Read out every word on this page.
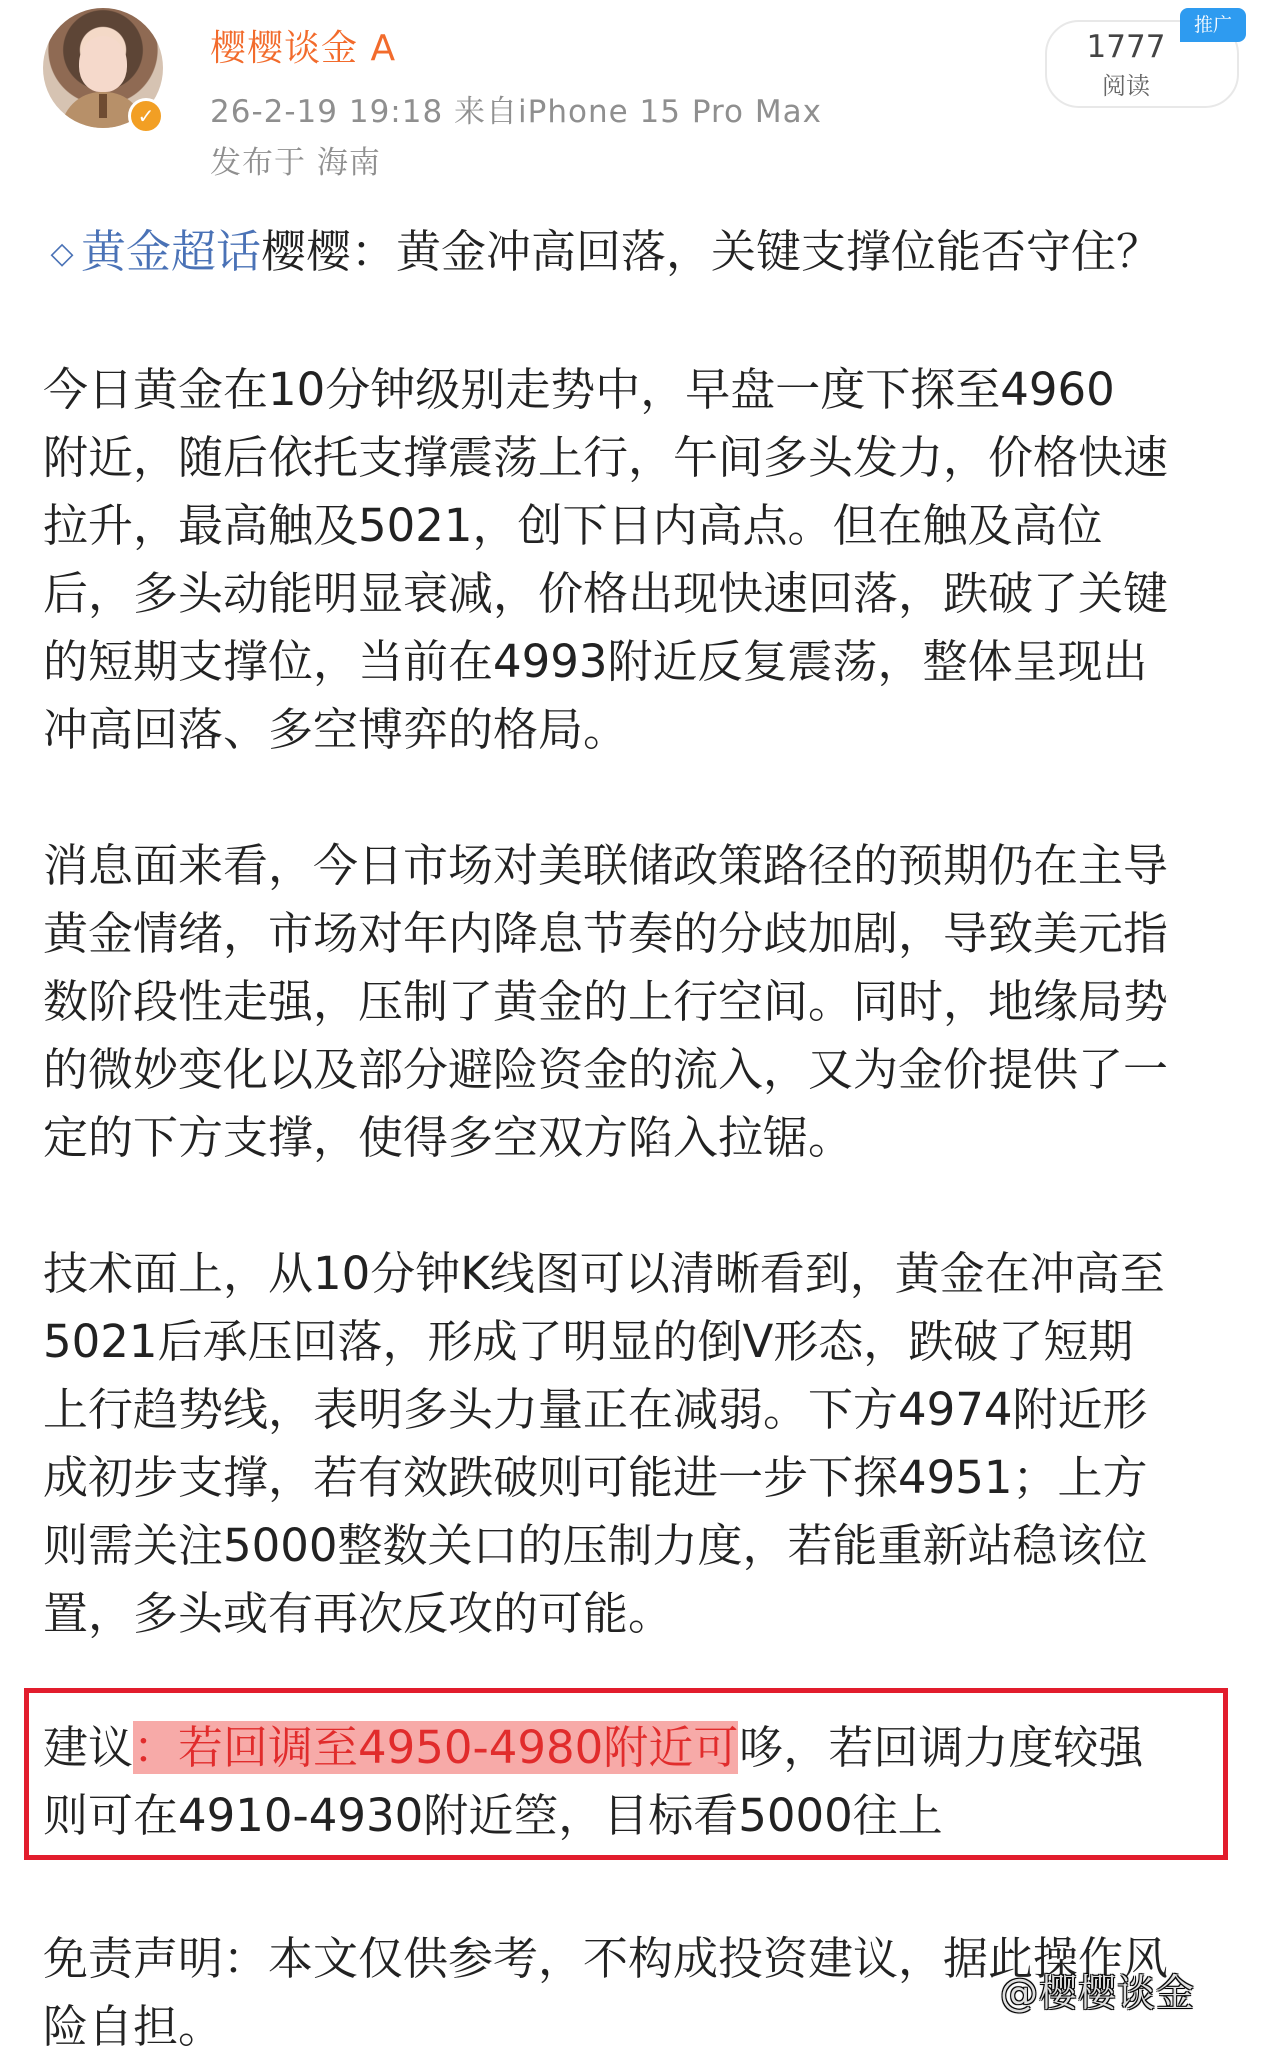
✓
樱樱谈金 A
26-2-19 19:18 来自iPhone 15 Pro Max
发布于 海南
1777
阅读
推广
◇ 黄金超话樱樱：黄金冲高回落，关键支撑位能否守住？
今日黄金在10分钟级别走势中，早盘一度下探至4960
附近，随后依托支撑震荡上行，午间多头发力，价格快速
拉升，最高触及5021，创下日内高点。但在触及高位
后，多头动能明显衰减，价格出现快速回落，跌破了关键
的短期支撑位，当前在4993附近反复震荡，整体呈现出
冲高回落、多空博弈的格局。
消息面来看，今日市场对美联储政策路径的预期仍在主导
黄金情绪，市场对年内降息节奏的分歧加剧，导致美元指
数阶段性走强，压制了黄金的上行空间。同时，地缘局势
的微妙变化以及部分避险资金的流入，又为金价提供了一
定的下方支撑，使得多空双方陷入拉锯。
技术面上，从10分钟K线图可以清晰看到，黄金在冲高至
5021后承压回落，形成了明显的倒V形态，跌破了短期
上行趋势线，表明多头力量正在减弱。下方4974附近形
成初步支撑，若有效跌破则可能进一步下探4951；上方
则需关注5000整数关口的压制力度，若能重新站稳该位
置，多头或有再次反攻的可能。
建议：若回调至4950-4980附近可哆，若回调力度较强
则可在4910-4930附近箜，目标看5000往上
免责声明：本文仅供参考，不构成投资建议，据此操作风
险自担。
@樱樱谈金
